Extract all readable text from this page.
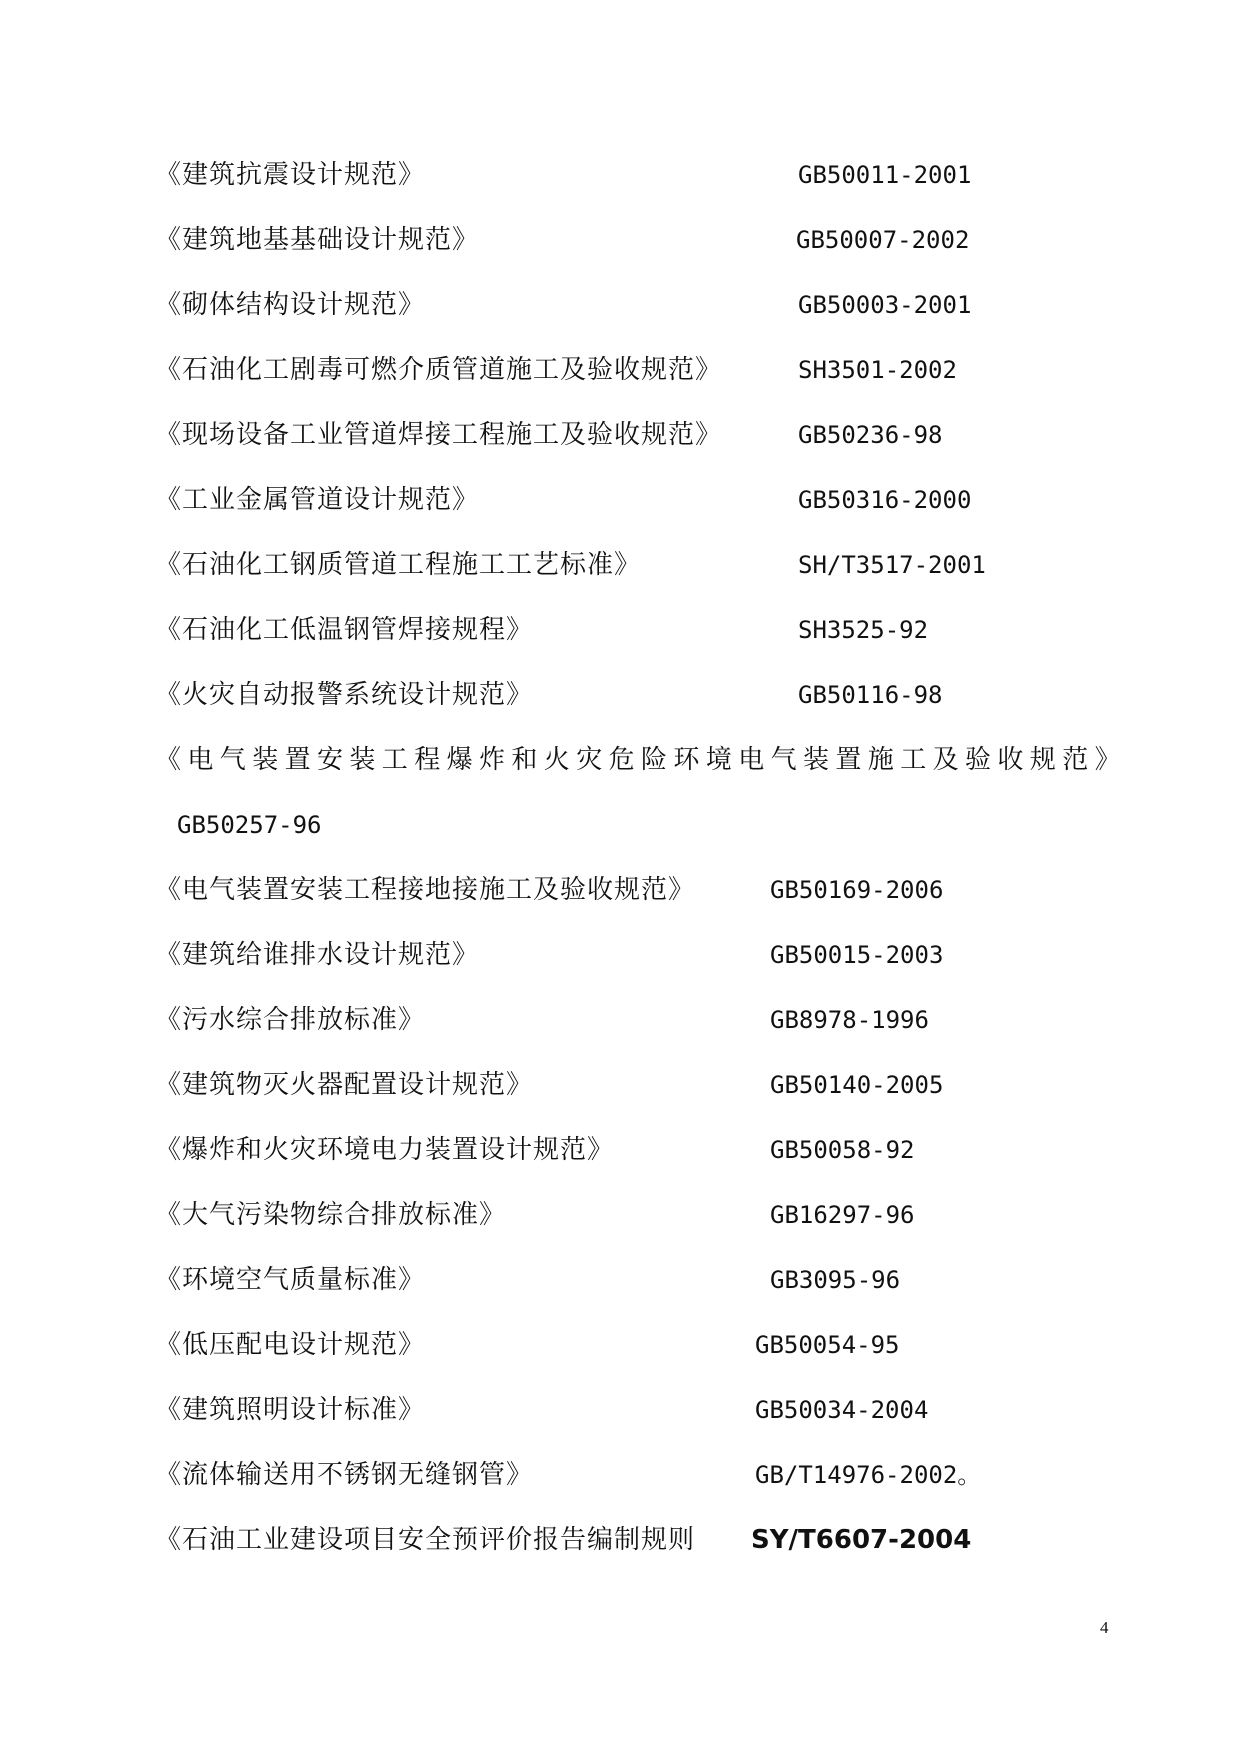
《建筑抗震设计规范》	GB50011-2001
《建筑地基基础设计规范》	GB50007-2002
《砌体结构设计规范》	GB50003-2001
《石油化工剧毒可燃介质管道施工及验收规范》	SH3501-2002
《现场设备工业管道焊接工程施工及验收规范》	GB50236-98
《工业金属管道设计规范》	GB50316-2000
《石油化工钢质管道工程施工工艺标准》	SH/T3517-2001
《石油化工低温钢管焊接规程》	SH3525-92
《火灾自动报警系统设计规范》	GB50116-98
《电气装置安装工程爆炸和火灾危险环境电气装置施工及验收规范》
GB50257-96
《电气装置安装工程接地接施工及验收规范》	GB50169-2006
《建筑给谁排水设计规范》	GB50015-2003
《污水综合排放标准》	GB8978-1996
《建筑物灭火器配置设计规范》	GB50140-2005
《爆炸和火灾环境电力装置设计规范》	GB50058-92
《大气污染物综合排放标准》	GB16297-96
《环境空气质量标准》	GB3095-96
《低压配电设计规范》	GB50054-95
《建筑照明设计标准》	GB50034-2004
《流体输送用不锈钢无缝钢管》	GB/T14976-2002。
《石油工业建设项目安全预评价报告编制规则 SY/T6607-2004
4
